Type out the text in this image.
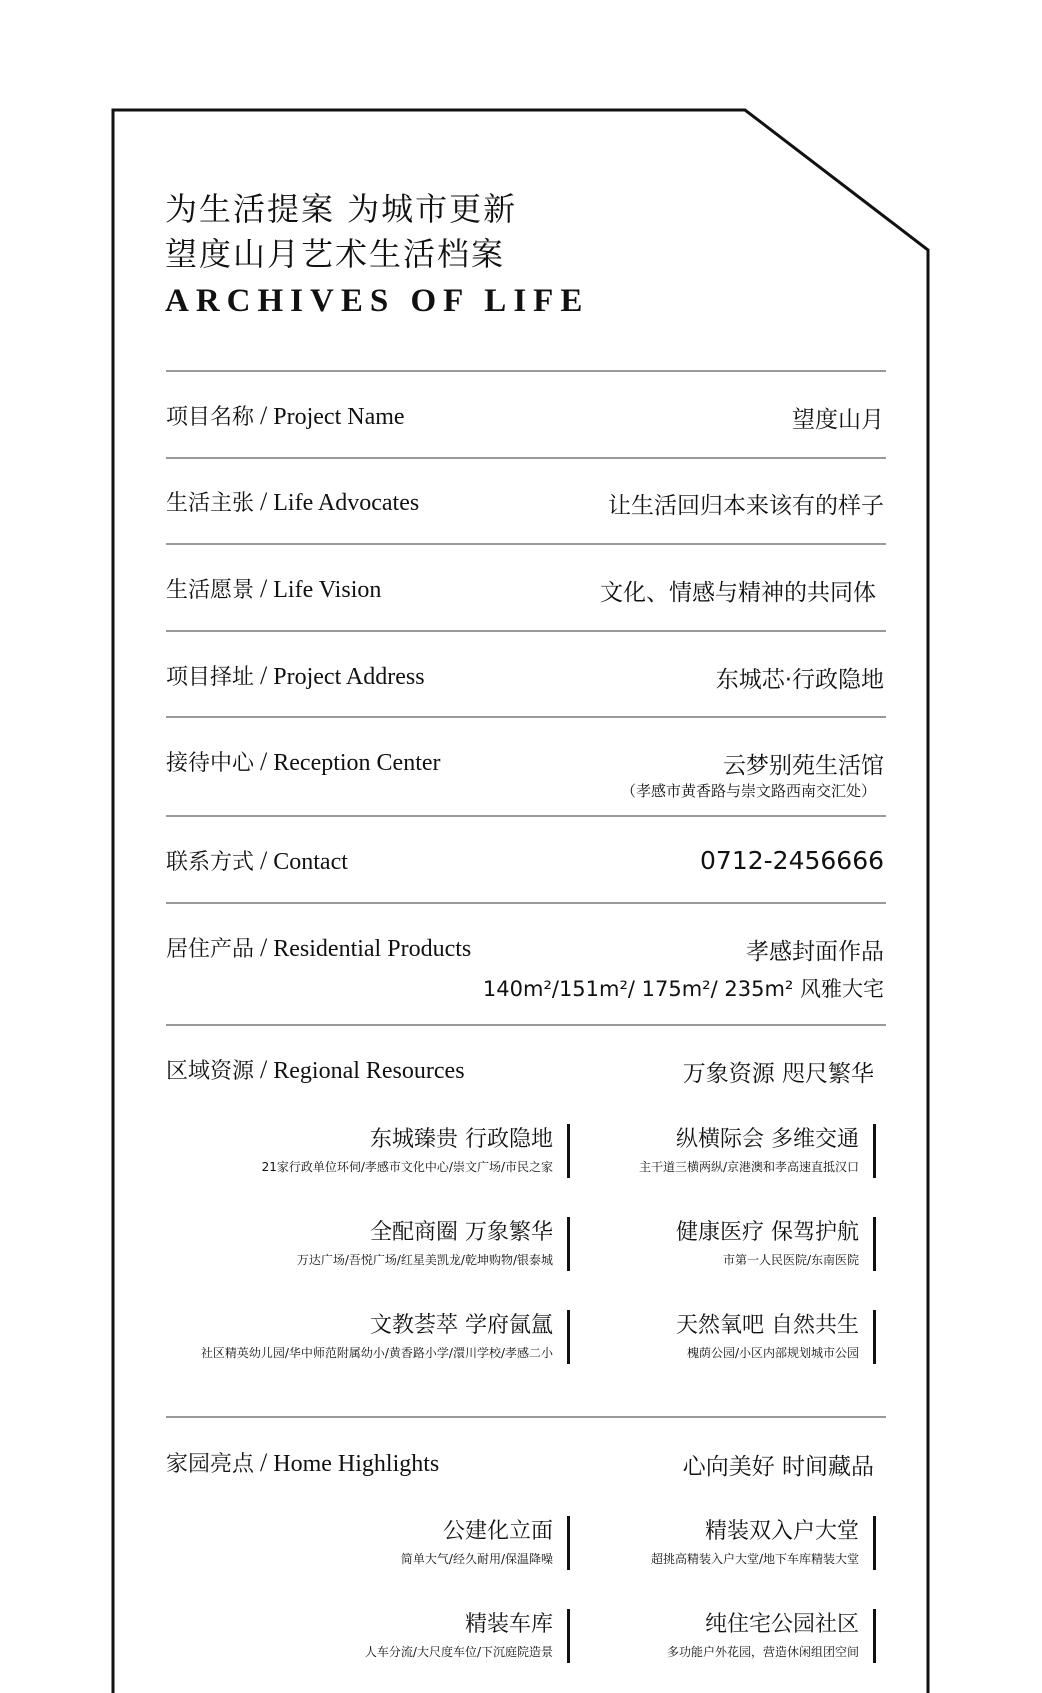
为生活提案 为城市更新
望度山月艺术生活档案
ARCHIVES OF LIFE
项目名称 / Project Name	望度山月
生活主张 / Life Advocates	让生活回归本来该有的样子
生活愿景 / Life Vision	文化、情感与精神的共同体
项目择址 / Project Address	东城芯·行政隐地
接待中心 / Reception Center	云梦别苑生活馆
（孝感市黄香路与崇文路西南交汇处）
联系方式 / Contact	0712-2456666
居住产品 / Residential Products	孝感封面作品
140m²/151m²/ 175m²/ 235m² 风雅大宅
区域资源 / Regional Resources	万象资源 咫尺繁华
东城臻贵 行政隐地
21家行政单位环伺/孝感市文化中心/崇文广场/市民之家
纵横际会 多维交通
主干道三横两纵/京港澳和孝高速直抵汉口
全配商圈 万象繁华
万达广场/吾悦广场/红星美凯龙/乾坤购物/银泰城
健康医疗 保驾护航
市第一人民医院/东南医院
文教荟萃 学府氤氲
社区精英幼儿园/华中师范附属幼小/黄香路小学/澴川学校/孝感二小
天然氧吧 自然共生
槐荫公园/小区内部规划城市公园
家园亮点 / Home Highlights	心向美好 时间藏品
公建化立面
简单大气/经久耐用/保温降噪
精装双入户大堂
超挑高精装入户大堂/地下车库精装大堂
精装车库
人车分流/大尺度车位/下沉庭院造景
纯住宅公园社区
多功能户外花园，营造休闲组团空间
